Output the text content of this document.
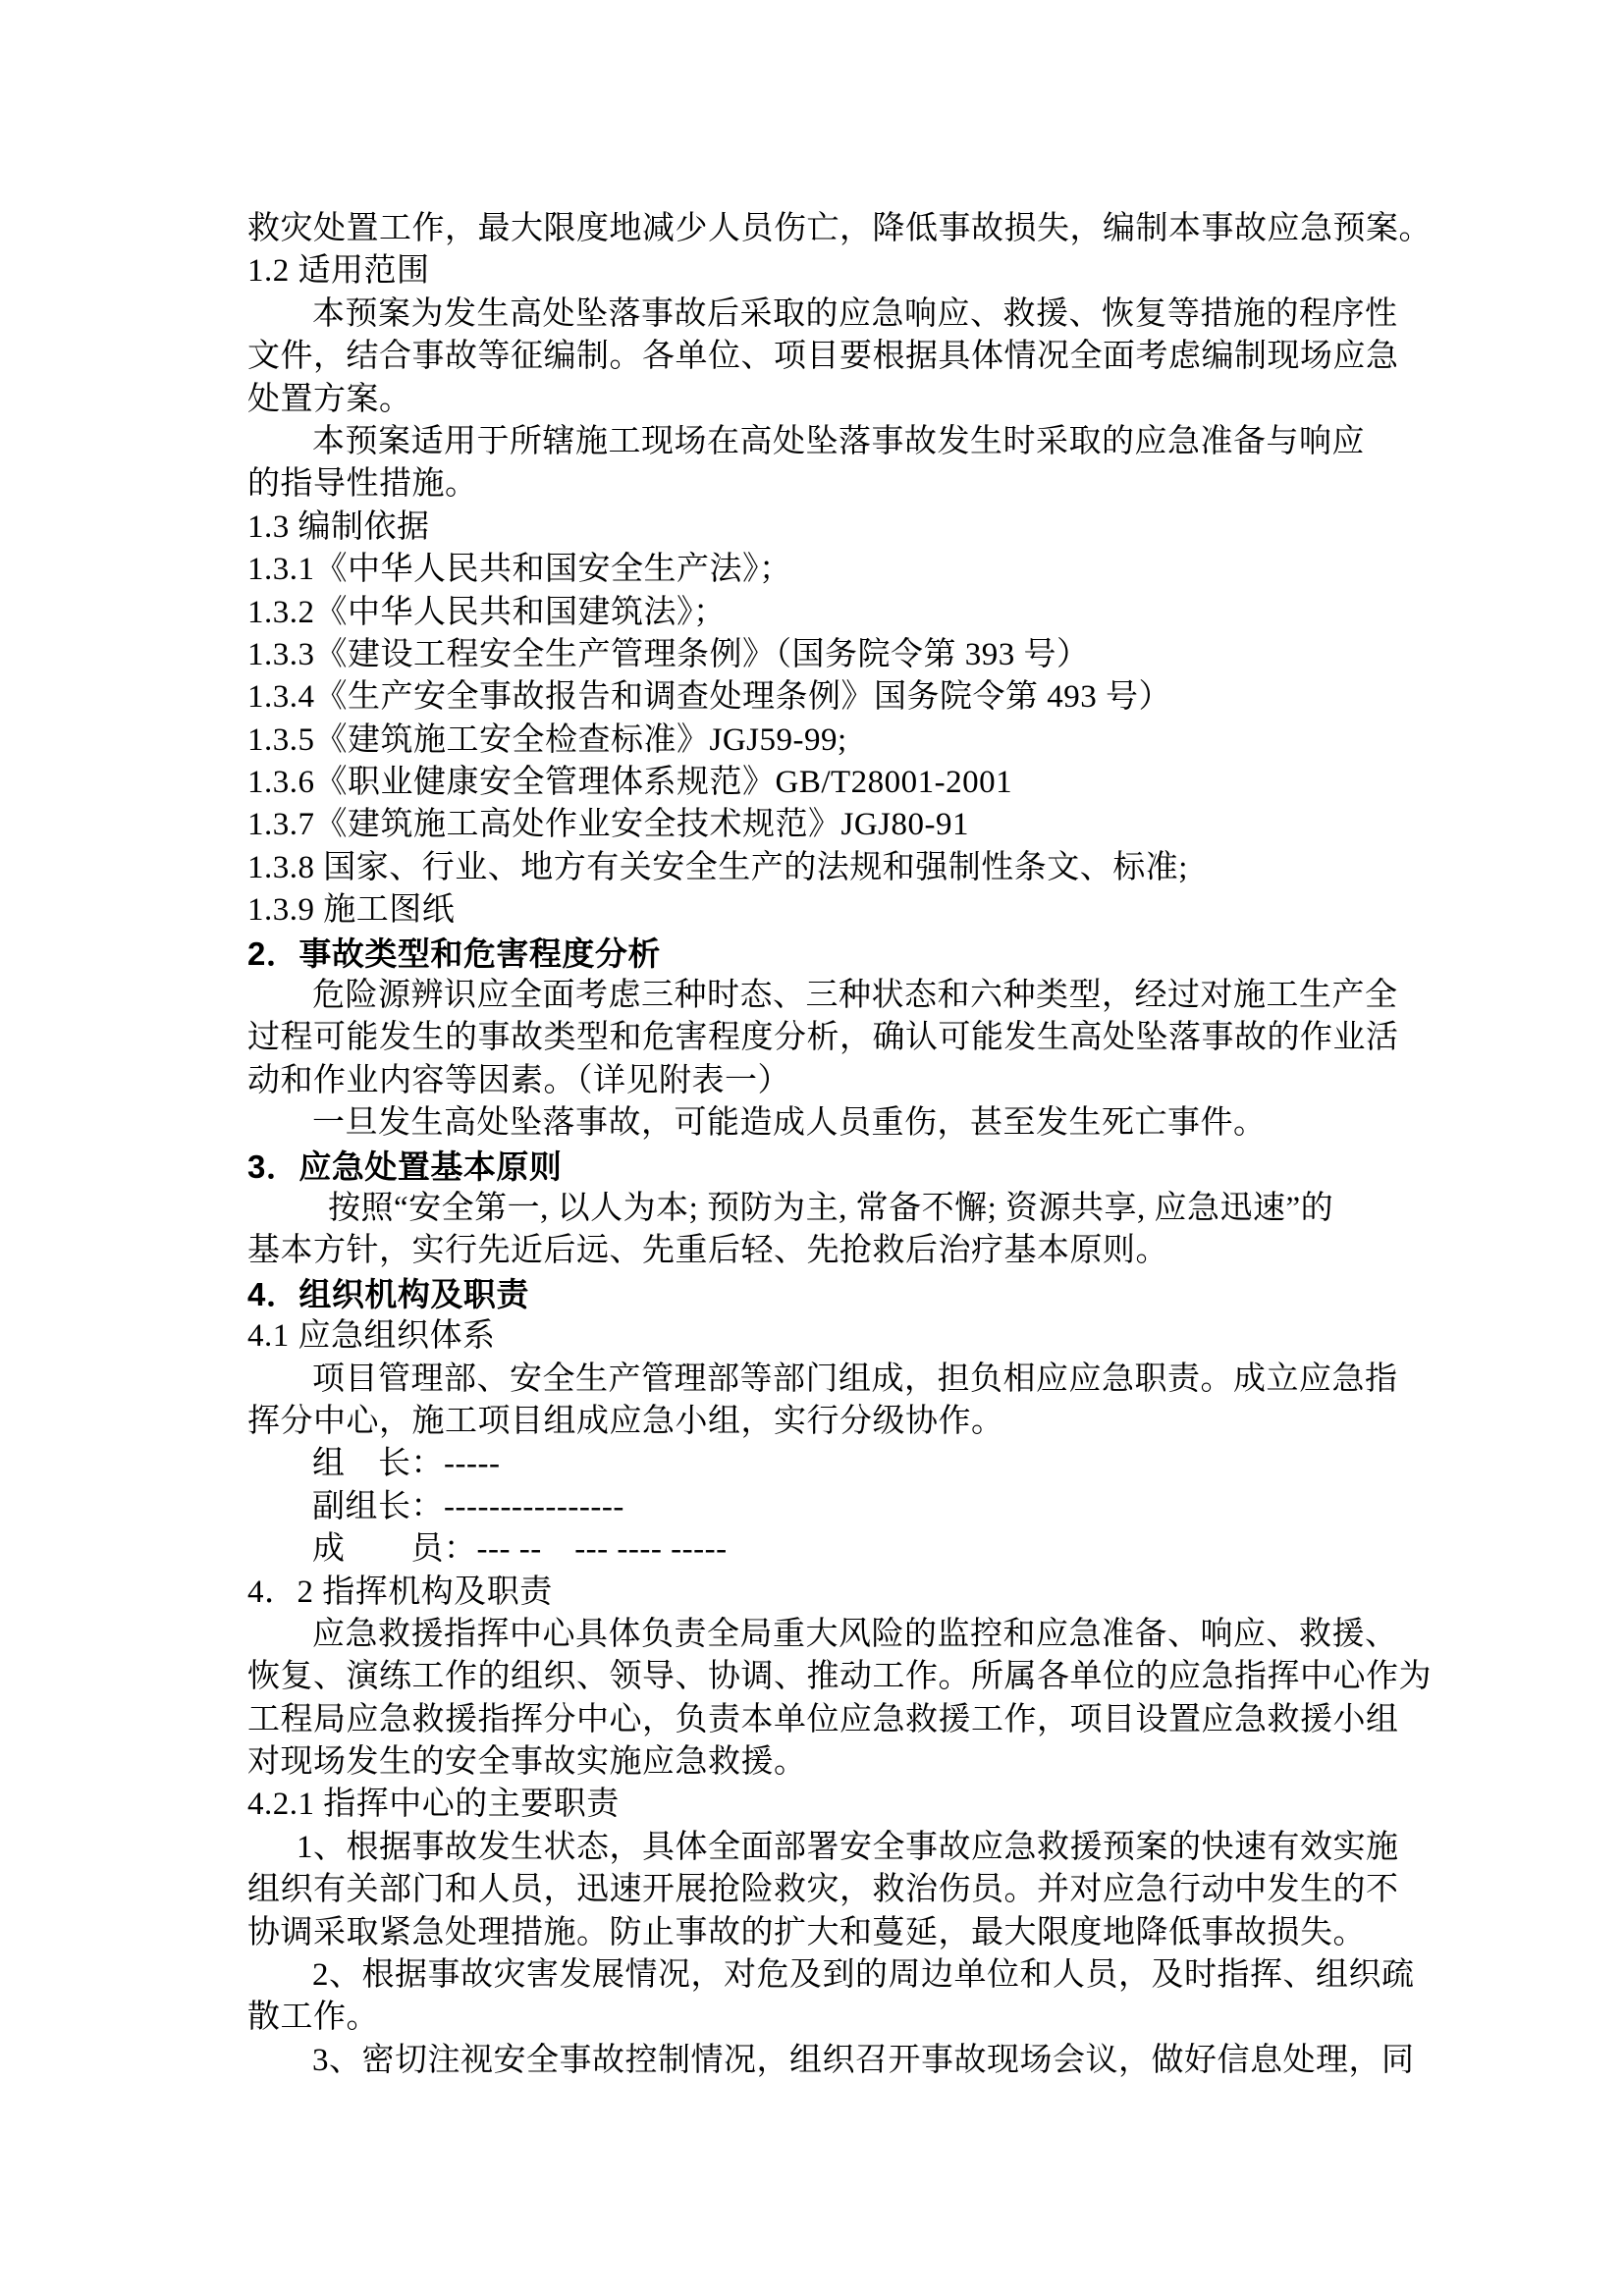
救灾处置工作，最大限度地减少人员伤亡，降低事故损失，编制本事故应急预案。
1.2 适用范围
本预案为发生高处坠落事故后采取的应急响应、救援、恢复等措施的程序性
文件，结合事故等征编制。各单位、项目要根据具体情况全面考虑编制现场应急
处置方案。
本预案适用于所辖施工现场在高处坠落事故发生时采取的应急准备与响应
的指导性措施。
1.3 编制依据
1.3.1《中华人民共和国安全生产法》；
1.3.2《中华人民共和国建筑法》；
1.3.3《建设工程安全生产管理条例》（国务院令第 393 号）
1.3.4《生产安全事故报告和调查处理条例》国务院令第 493 号）
1.3.5《建筑施工安全检查标准》JGJ59-99;
1.3.6《职业健康安全管理体系规范》GB/T28001-2001
1.3.7《建筑施工高处作业安全技术规范》JGJ80-91
1.3.8 国家、行业、地方有关安全生产的法规和强制性条文、标准;
1.3.9 施工图纸
2．事故类型和危害程度分析
危险源辨识应全面考虑三种时态、三种状态和六种类型，经过对施工生产全
过程可能发生的事故类型和危害程度分析，确认可能发生高处坠落事故的作业活
动和作业内容等因素。（详见附表一）
一旦发生高处坠落事故，可能造成人员重伤，甚至发生死亡事件。
3．应急处置基本原则
按照“安全第一, 以人为本; 预防为主, 常备不懈; 资源共享, 应急迅速”的
基本方针，实行先近后远、先重后轻、先抢救后治疗基本原则。
4．组织机构及职责
4.1 应急组织体系
项目管理部、安全生产管理部等部门组成，担负相应应急职责。成立应急指
挥分中心，施工项目组成应急小组，实行分级协作。
组　长：-----
副组长：----------------
成　　员：--- --　--- ---- -----
4．2 指挥机构及职责
应急救援指挥中心具体负责全局重大风险的监控和应急准备、响应、救援、
恢复、演练工作的组织、领导、协调、推动工作。所属各单位的应急指挥中心作为
工程局应急救援指挥分中心，负责本单位应急救援工作，项目设置应急救援小组
对现场发生的安全事故实施应急救援。
4.2.1 指挥中心的主要职责
1、根据事故发生状态，具体全面部署安全事故应急救援预案的快速有效实施
组织有关部门和人员，迅速开展抢险救灾，救治伤员。并对应急行动中发生的不
协调采取紧急处理措施。防止事故的扩大和蔓延，最大限度地降低事故损失。
2、根据事故灾害发展情况，对危及到的周边单位和人员，及时指挥、组织疏
散工作。
3、密切注视安全事故控制情况，组织召开事故现场会议，做好信息处理，同
